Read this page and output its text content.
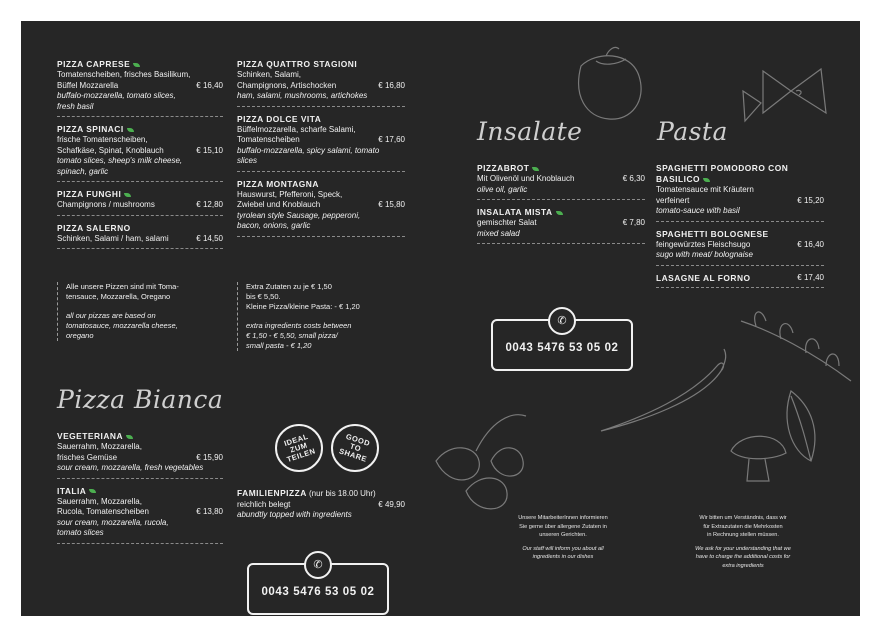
PIZZA CAPRESE
Tomatenscheiben, frisches Basilikum,
Büffel Mozzarella	€ 16,40
buffalo-mozzarella, tomato slices,
fresh basil
PIZZA SPINACI
frische Tomatenscheiben,
Schafkäse, Spinat, Knoblauch	€ 15,10
tomato slices, sheep's milk cheese,
spinach, garlic
PIZZA FUNGHI
Champignons / mushrooms	€ 12,80
PIZZA SALERNO
Schinken, Salami / ham, salami	€ 14,50
PIZZA QUATTRO STAGIONI
Schinken, Salami,
Champignons, Artischocken	€ 16,80
ham, salami, mushrooms, artichokes
PIZZA DOLCE VITA
Büffelmozzarella, scharfe Salami,
Tomatenscheiben	€ 17,60
buffalo-mozzarella, spicy salami, tomato
slices
PIZZA MONTAGNA
Hauswurst, Pfefferoni, Speck,
Zwiebel und Knoblauch	€ 15,80
tyrolean style Sausage, pepperoni,
bacon, onions, garlic
Alle unsere Pizzen sind mit Toma-
tensauce, Mozzarella, Oregano
all our pizzas are based on
tomatosauce, mozzarella cheese,
oregano
Extra Zutaten zu je € 1,50
bis € 5,50.
Kleine Pizza/kleine Pasta: - € 1,20
extra ingredients costs between
€ 1,50 - € 5,50, small pizza/
small pasta - € 1,20
Pizza Bianca
VEGETERIANA
Sauerrahm, Mozzarella,
frisches Gemüse	€ 15,90
sour cream, mozzarella, fresh vegetables
ITALIA
Sauerrahm, Mozzarella,
Rucola, Tomatenscheiben	€ 13,80
sour cream, mozzarella, rucola,
tomato slices
IDEAL
ZUM
TEILEN
GOOD
TO
SHARE
FAMILIENPIZZA (nur bis 18.00 Uhr)
reichlich belegt	€ 49,90
abundtly topped with ingredients
✆
0043 5476 53 05 02
✆
0043 5476 53 05 02
Insalate
PIZZABROT
Mit Olivenöl und Knoblauch	€ 6,30
olive oil, garlic
INSALATA MISTA
gemischter Salat	€ 7,80
mixed salad
Pasta
SPAGHETTI POMODORO CON BASILICO
Tomatensauce mit Kräutern
verfeinert	€ 15,20
tomato-sauce with basil
SPAGHETTI BOLOGNESE
feingewürztes Fleischsugo	€ 16,40
sugo with meat/ bolognaise
LASAGNE AL FORNO	€ 17,40

Unsere MitarbeiterInnen informieren
Sie gerne über allergene Zutaten in
unseren Gerichten.

Our staff will inform you about all
ingredients in our dishes

Wir bitten um Verständnis, dass wir
für Extrazutaten die Mehrkosten
in Rechnung stellen müssen.

We ask for your understanding that we
have to charge the additional costs for
extra ingredients
